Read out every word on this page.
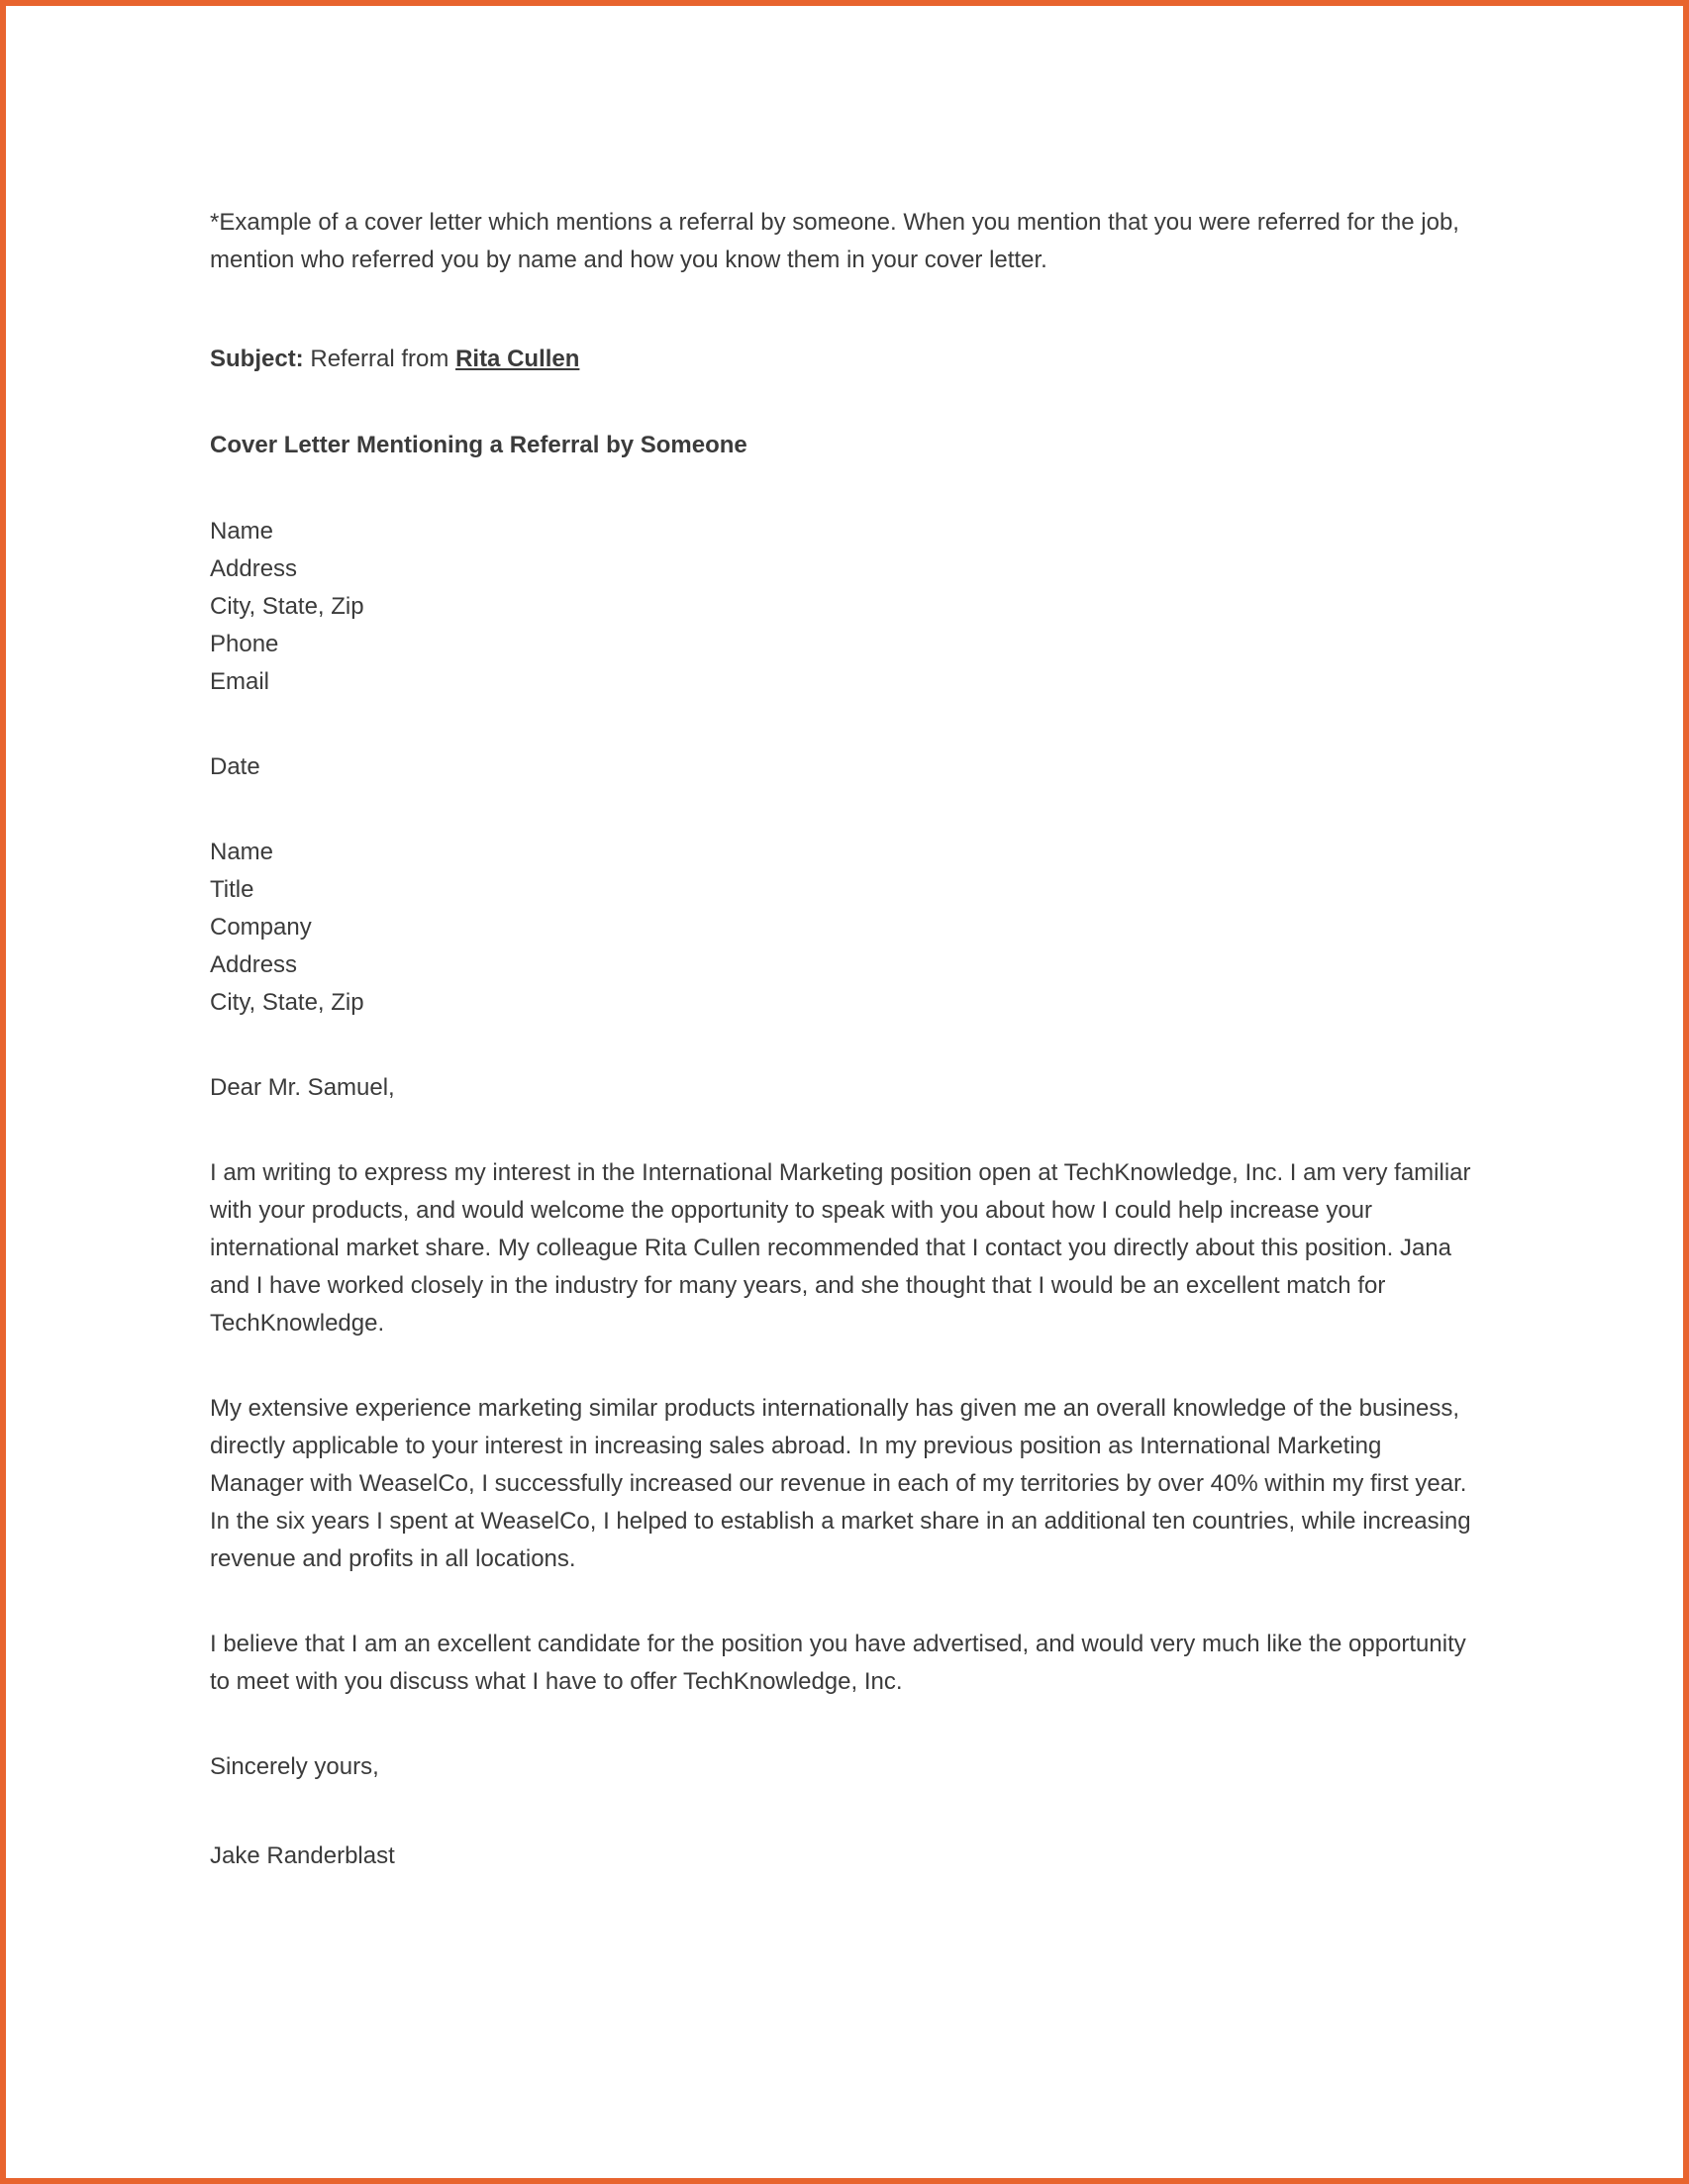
*Example of a cover letter which mentions a referral by someone. When you mention that you were referred for the job, mention who referred you by name and how you know them in your cover letter.

Subject: Referral from Rita Cullen

Cover Letter Mentioning a Referral by Someone

Name

Address

City, State, Zip

Phone

Email

Date

Name

Title

Company

Address

City, State, Zip

Dear Mr. Samuel,

I am writing to express my interest in the International Marketing position open at TechKnowledge, Inc. I am very familiar with your products, and would welcome the opportunity to speak with you about how I could help increase your international market share. My colleague Rita Cullen recommended that I contact you directly about this position. Jana and I have worked closely in the industry for many years, and she thought that I would be an excellent match for TechKnowledge.

My extensive experience marketing similar products internationally has given me an overall knowledge of the business, directly applicable to your interest in increasing sales abroad. In my previous position as International Marketing Manager with WeaselCo, I successfully increased our revenue in each of my territories by over 40% within my first year. In the six years I spent at WeaselCo, I helped to establish a market share in an additional ten countries, while increasing revenue and profits in all locations.

I believe that I am an excellent candidate for the position you have advertised, and would very much like the opportunity to meet with you discuss what I have to offer TechKnowledge, Inc.

Sincerely yours,

Jake Randerblast
